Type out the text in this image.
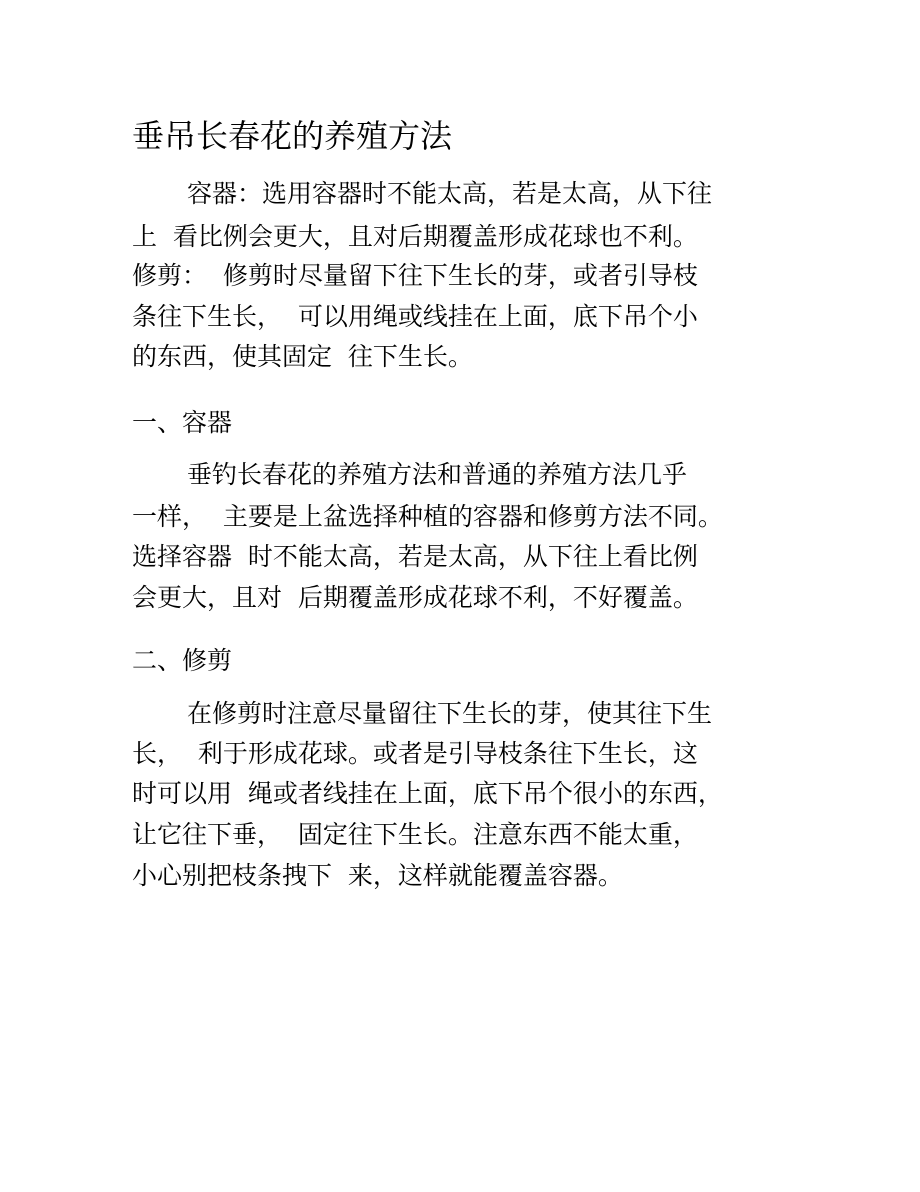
垂吊长春花的养殖方法

容器：选用容器时不能太高，若是太高，从下往

上  看比例会更大，且对后期覆盖形成花球也不利。

修剪：  修剪时尽量留下往下生长的芽，或者引导枝

条往下生长，  可以用绳或线挂在上面，底下吊个小

的东西，使其固定  往下生长。

一、容器

垂钓长春花的养殖方法和普通的养殖方法几乎

一样，  主要是上盆选择种植的容器和修剪方法不同。

选择容器  时不能太高，若是太高，从下往上看比例

会更大，且对  后期覆盖形成花球不利，不好覆盖。

二、修剪

在修剪时注意尽量留往下生长的芽，使其往下生

长，  利于形成花球。或者是引导枝条往下生长，这

时可以用  绳或者线挂在上面，底下吊个很小的东西，

让它往下垂，  固定往下生长。注意东西不能太重，

小心别把枝条拽下  来，这样就能覆盖容器。
